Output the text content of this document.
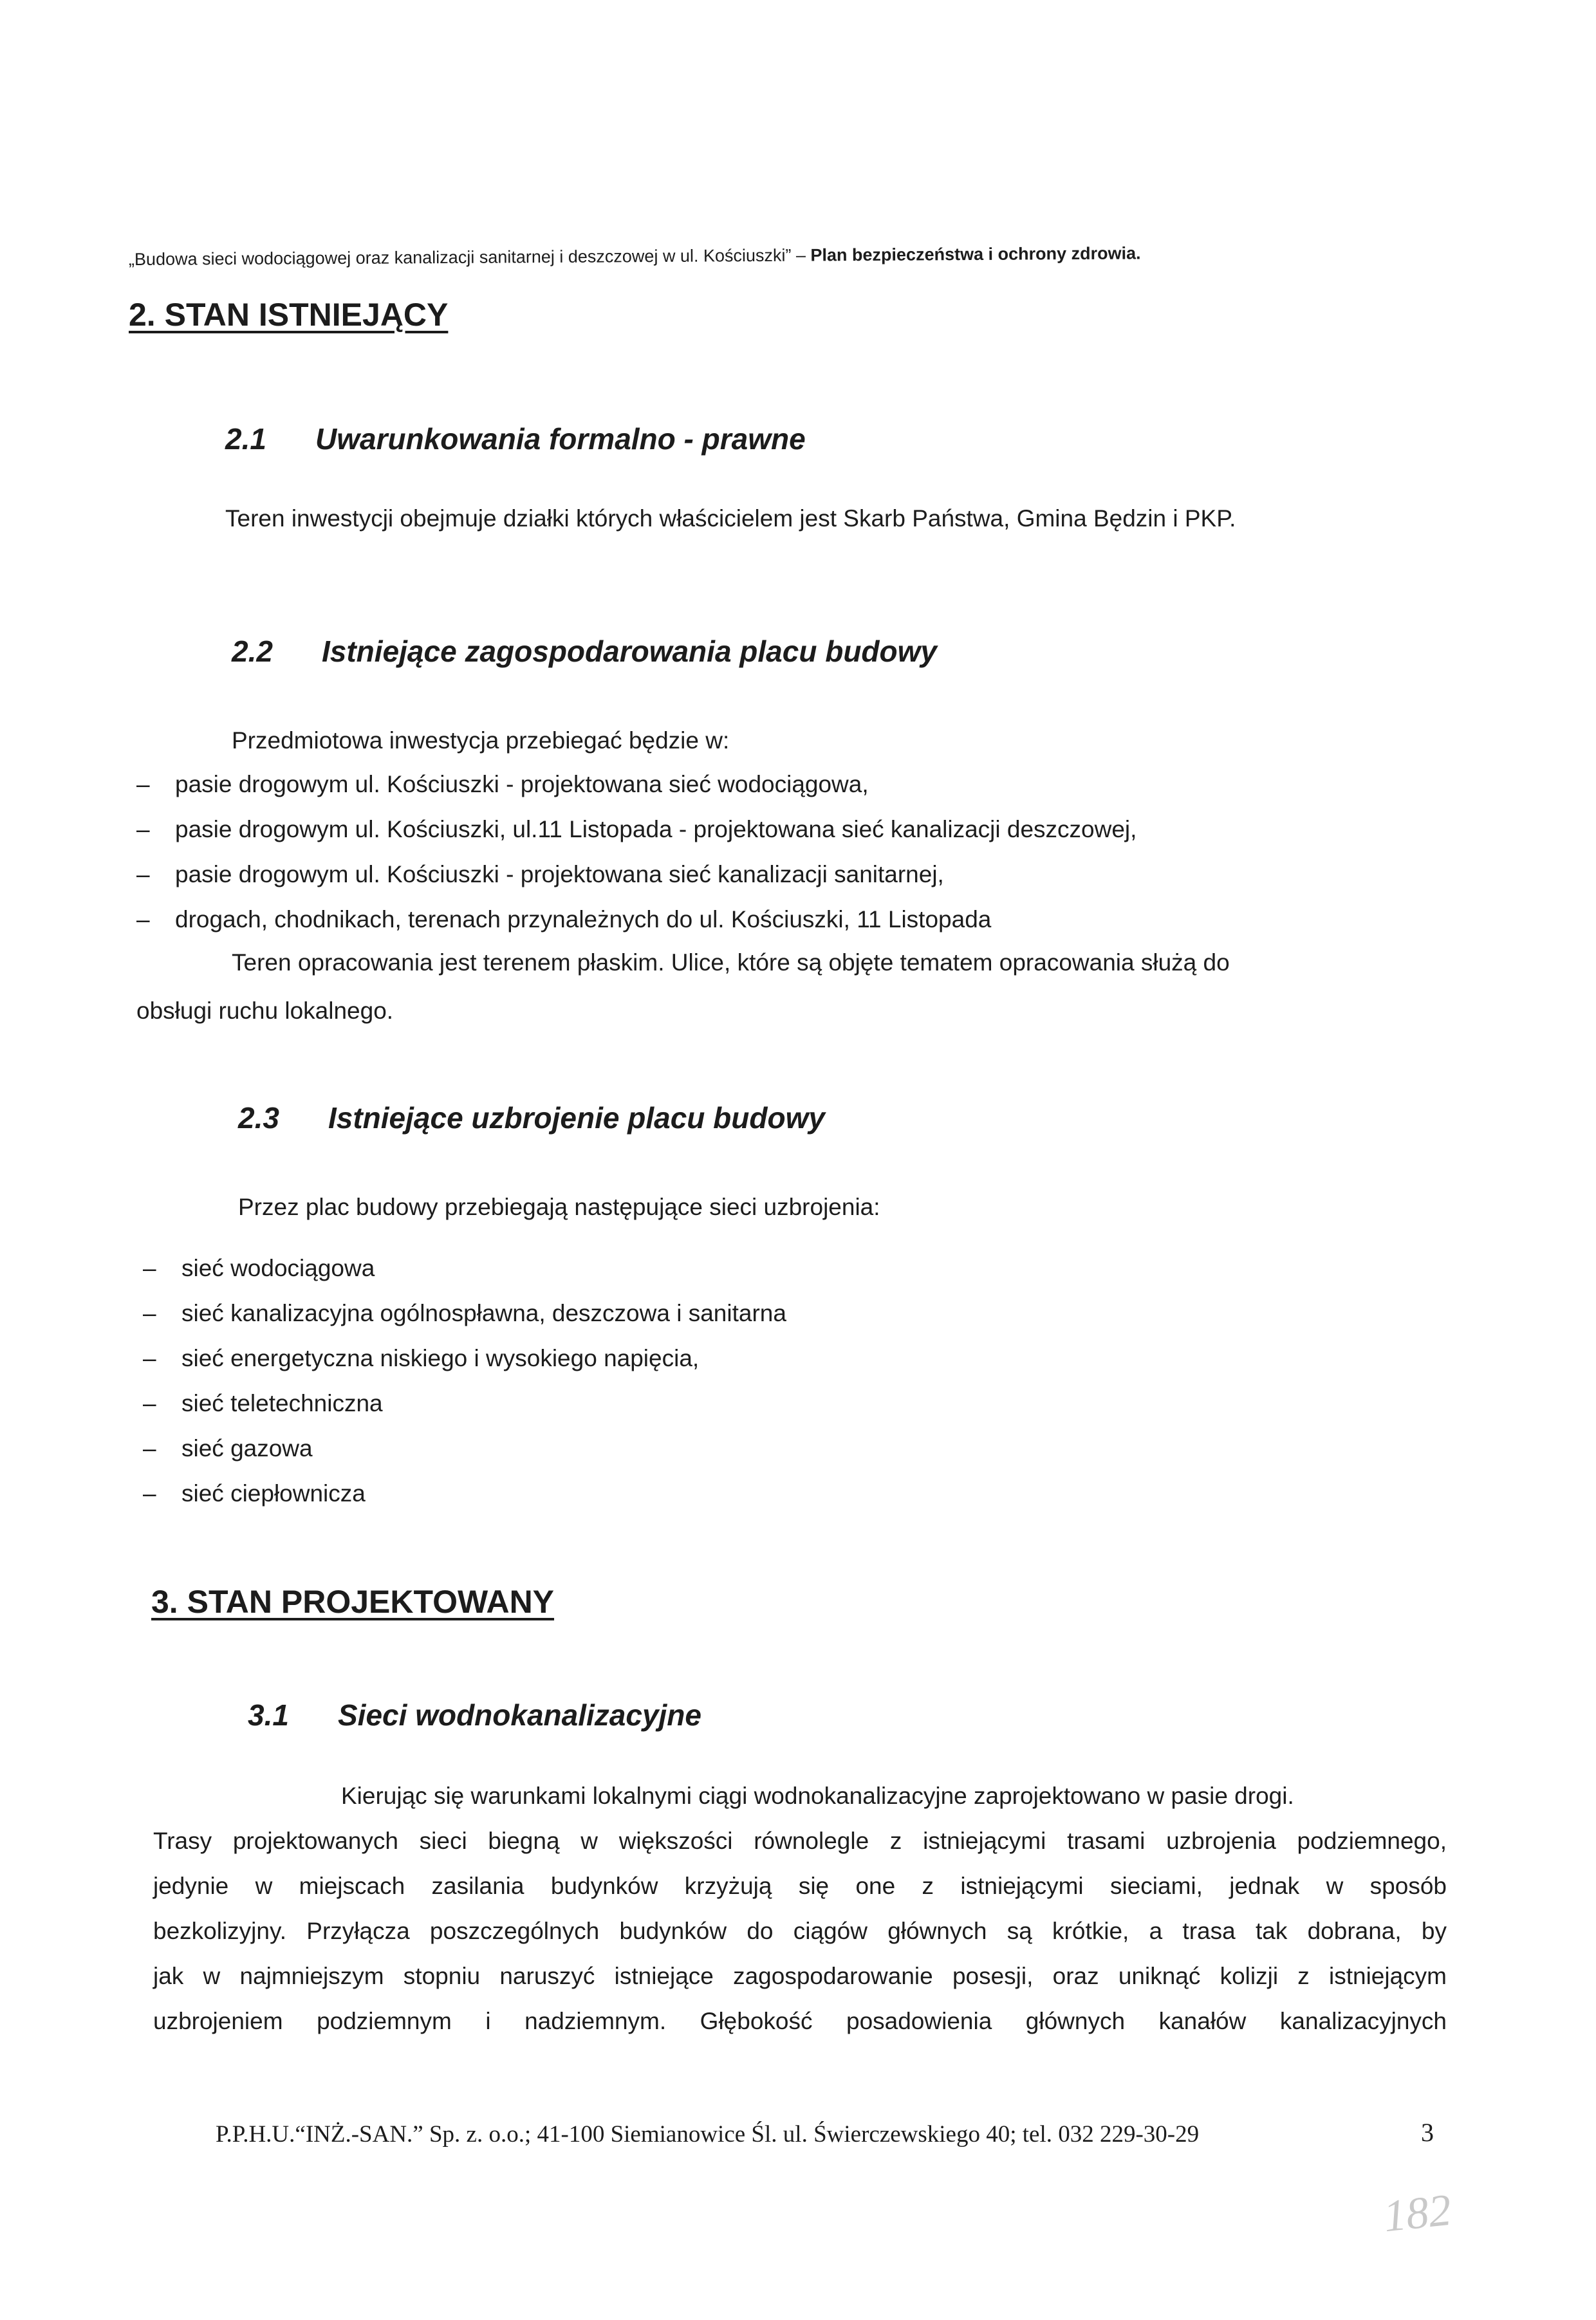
„Budowa sieci wodociągowej oraz kanalizacji sanitarnej i deszczowej w ul. Kościuszki” – Plan bezpieczeństwa i ochrony zdrowia.
2. STAN ISTNIEJĄCY
2.1 Uwarunkowania formalno - prawne
Teren inwestycji obejmuje działki których właścicielem jest Skarb Państwa, Gmina Będzin i PKP.
2.2 Istniejące zagospodarowania placu budowy
Przedmiotowa inwestycja przebiegać będzie w:
– pasie drogowym ul. Kościuszki - projektowana sieć wodociągowa,
– pasie drogowym ul. Kościuszki, ul.11 Listopada - projektowana sieć kanalizacji deszczowej,
– pasie drogowym ul. Kościuszki - projektowana sieć kanalizacji sanitarnej,
– drogach, chodnikach, terenach przynależnych do ul. Kościuszki, 11 Listopada
Teren opracowania jest terenem płaskim. Ulice, które są objęte tematem opracowania służą do
obsługi ruchu lokalnego.
2.3 Istniejące uzbrojenie placu budowy
Przez plac budowy przebiegają następujące sieci uzbrojenia:
– sieć wodociągowa
– sieć kanalizacyjna ogólnospławna, deszczowa i sanitarna
– sieć energetyczna niskiego i wysokiego napięcia,
– sieć teletechniczna
– sieć gazowa
– sieć ciepłownicza
3. STAN PROJEKTOWANY
3.1 Sieci wodnokanalizacyjne
Kierując się warunkami lokalnymi ciągi wodnokanalizacyjne zaprojektowano w pasie drogi.
Trasy projektowanych sieci biegną w większości równolegle z istniejącymi trasami uzbrojenia podziemnego,
jedynie w miejscach zasilania budynków krzyżują się one z istniejącymi sieciami, jednak w sposób
bezkolizyjny. Przyłącza poszczególnych budynków do ciągów głównych są krótkie, a trasa tak dobrana, by
jak w najmniejszym stopniu naruszyć istniejące zagospodarowanie posesji, oraz uniknąć kolizji z istniejącym
uzbrojeniem podziemnym i nadziemnym. Głębokość posadowienia głównych kanałów kanalizacyjnych
P.P.H.U.“INŻ.-SAN.” Sp. z. o.o.; 41-100 Siemianowice Śl. ul. Świerczewskiego 40; tel. 032 229-30-29	3
182
